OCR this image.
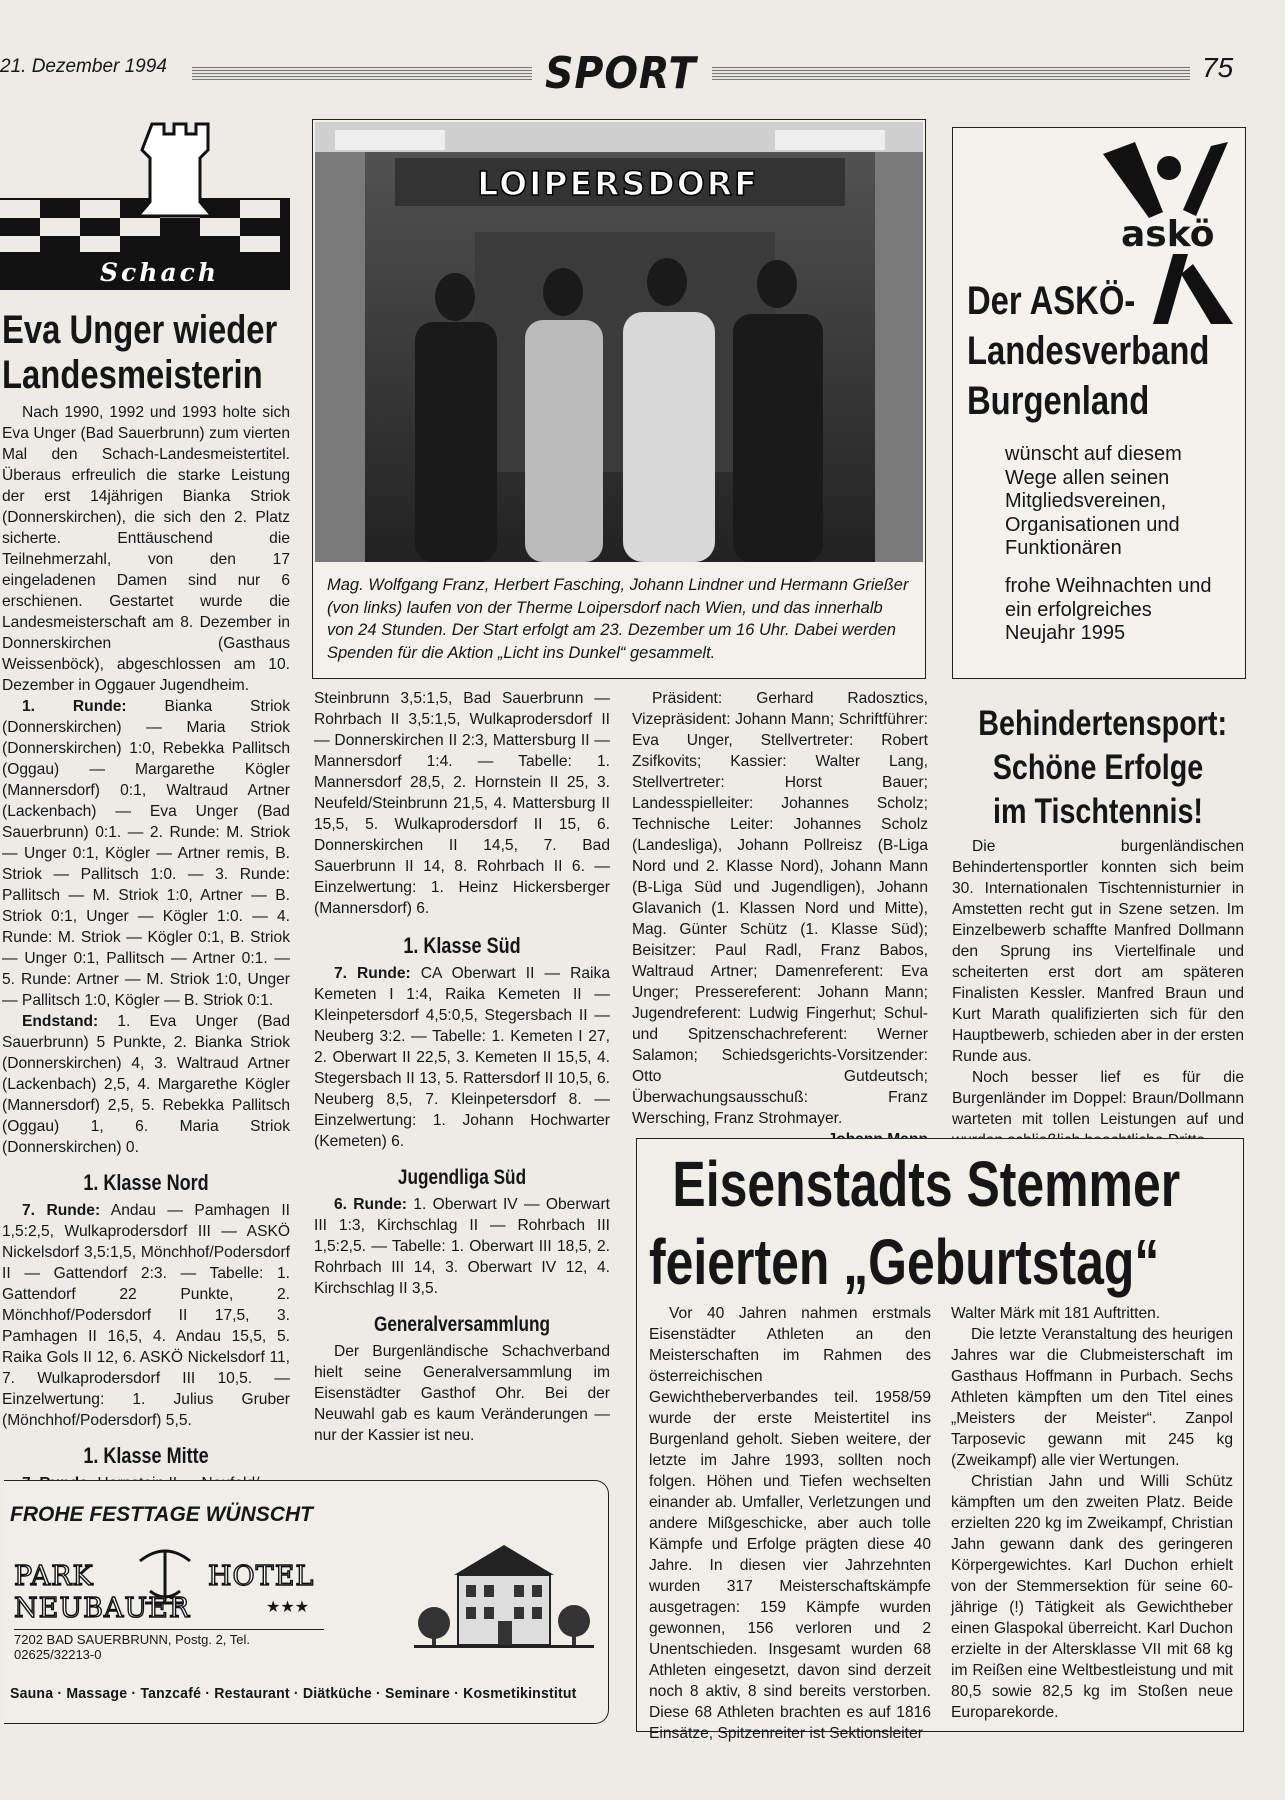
21. Dezember 1994	SPORT	75
Schach
Eva Unger wieder
Landesmeisterin

Nach 1990, 1992 und 1993 holte sich Eva Unger (Bad Sauerbrunn) zum vierten Mal den Schach-Landesmeistertitel. Überaus erfreulich die starke Leistung der erst 14jährigen Bianka Striok (Donnerskirchen), die sich den 2. Platz sicherte. Enttäuschend die Teilnehmerzahl, von den 17 eingeladenen Damen sind nur 6 erschienen. Gestartet wurde die Landesmeisterschaft am 8. Dezember in Donnerskirchen (Gasthaus Weissenböck), abgeschlossen am 10. Dezember in Oggauer Jugendheim.

1. Runde: Bianka Striok (Donnerskirchen) — Maria Striok (Donnerskirchen) 1:0, Rebekka Pallitsch (Oggau) — Margarethe Kögler (Mannersdorf) 0:1, Waltraud Artner (Lackenbach) — Eva Unger (Bad Sauerbrunn) 0:1. — 2. Runde: M. Striok — Unger 0:1, Kögler — Artner remis, B. Striok — Pallitsch 1:0. — 3. Runde: Pallitsch — M. Striok 1:0, Artner — B. Striok 0:1, Unger — Kögler 1:0. — 4. Runde: M. Striok — Kögler 0:1, B. Striok — Unger 0:1, Pallitsch — Artner 0:1. — 5. Runde: Artner — M. Striok 1:0, Unger — Pallitsch 1:0, Kögler — B. Striok 0:1.

Endstand: 1. Eva Unger (Bad Sauerbrunn) 5 Punkte, 2. Bianka Striok (Donnerskirchen) 4, 3. Waltraud Artner (Lackenbach) 2,5, 4. Margarethe Kögler (Mannersdorf) 2,5, 5. Rebekka Pallitsch (Oggau) 1, 6. Maria Striok (Donnerskirchen) 0.

1. Klasse Nord

7. Runde: Andau — Pamhagen II 1,5:2,5, Wulkaprodersdorf III — ASKÖ Nickelsdorf 3,5:1,5, Mönchhof/Podersdorf II — Gattendorf 2:3. — Tabelle: 1. Gattendorf 22 Punkte, 2. Mönchhof/Podersdorf II 17,5, 3. Pamhagen II 16,5, 4. Andau 15,5, 5. Raika Gols II 12, 6. ASKÖ Nickelsdorf 11, 7. Wulkaprodersdorf III 10,5. — Einzelwertung: 1. Julius Gruber (Mönchhof/Podersdorf) 5,5.

1. Klasse Mitte

LOIPERSDORF
Mag. Wolfgang Franz, Herbert Fasching, Johann Lindner und Hermann Grießer (von links) laufen von der Therme Loipersdorf nach Wien, und das innerhalb von 24 Stunden. Der Start erfolgt am 23. Dezember um 16 Uhr. Dabei werden Spenden für die Aktion „Licht ins Dunkel“ gesammelt.

Steinbrunn 3,5:1,5, Bad Sauerbrunn — Rohrbach II 3,5:1,5, Wulkaprodersdorf II — Donnerskirchen II 2:3, Mattersburg II — Mannersdorf 1:4. — Tabelle: 1. Mannersdorf 28,5, 2. Hornstein II 25, 3. Neufeld/Steinbrunn 21,5, 4. Mattersburg II 15,5, 5. Wulkaprodersdorf II 15, 6. Donnerskirchen II 14,5, 7. Bad Sauerbrunn II 14, 8. Rohrbach II 6. — Einzelwertung: 1. Heinz Hickersberger (Mannersdorf) 6.

1. Klasse Süd

7. Runde: CA Oberwart II — Raika Kemeten I 1:4, Raika Kemeten II — Kleinpetersdorf 4,5:0,5, Stegersbach II — Neuberg 3:2. — Tabelle: 1. Kemeten I 27, 2. Oberwart II 22,5, 3. Kemeten II 15,5, 4. Stegersbach II 13, 5. Rattersdorf II 10,5, 6. Neuberg 8,5, 7. Kleinpetersdorf 8. — Einzelwertung: 1. Johann Hochwarter (Kemeten) 6.

Jugendliga Süd

6. Runde: 1. Oberwart IV — Oberwart III 1:3, Kirchschlag II — Rohrbach III 1,5:2,5. — Tabelle: 1. Oberwart III 18,5, 2. Rohrbach III 14, 3. Oberwart IV 12, 4. Kirchschlag II 3,5.

Generalversammlung

Der Burgenländische Schachverband hielt seine Generalversammlung im Eisenstädter Gasthof Ohr. Bei der Neuwahl gab es kaum Veränderungen — nur der Kassier ist neu.

Präsident: Gerhard Radosztics, Vizepräsident: Johann Mann; Schriftführer: Eva Unger, Stellvertreter: Robert Zsifkovits; Kassier: Walter Lang, Stellvertreter: Horst Bauer; Landesspielleiter: Johannes Scholz; Technische Leiter: Johannes Scholz (Landesliga), Johann Pollreisz (B-Liga Nord und 2. Klasse Nord), Johann Mann (B-Liga Süd und Jugendligen), Johann Glavanich (1. Klassen Nord und Mitte), Mag. Günter Schütz (1. Klasse Süd); Beisitzer: Paul Radl, Franz Babos, Waltraud Artner; Damenreferent: Eva Unger; Pressereferent: Johann Mann; Jugendreferent: Ludwig Fingerhut; Schul- und Spitzenschachreferent: Werner Salamon; Schiedsgerichts-Vorsitzender: Otto Gutdeutsch; Überwachungsausschuß: Franz Wersching, Franz Strohmayer.

askö
Der ASKÖ-
Landesverband
Burgenland
wünscht auf diesem Wege allen seinen Mitgliedsvereinen, Organisationen und Funktionären
frohe Weihnachten und ein erfolgreiches Neujahr 1995
Behindertensport:
Schöne Erfolge
im Tischtennis!

Die burgenländischen Behindertensportler konnten sich beim 30. Internationalen Tischtennisturnier in Amstetten recht gut in Szene setzen. Im Einzelbewerb schaffte Manfred Dollmann den Sprung ins Viertelfinale und scheiterten erst dort am späteren Finalisten Kessler. Manfred Braun und Kurt Marath qualifizierten sich für den Hauptbewerb, schieden aber in der ersten Runde aus.

Noch besser lief es für die Burgenländer im Doppel: Braun/Dollmann warteten mit tollen Leistungen auf und

Eisenstadts Stemmer
feierten „Geburtstag“

Vor 40 Jahren nahmen erstmals Eisenstädter Athleten an den Meisterschaften im Rahmen des österreichischen Gewichtheberverbandes teil. 1958/59 wurde der erste Meistertitel ins Burgenland geholt. Sieben weitere, der letzte im Jahre 1993, sollten noch folgen. Höhen und Tiefen wechselten einander ab. Umfaller, Verletzungen und andere Mißgeschicke, aber auch tolle Kämpfe und Erfolge prägten diese 40 Jahre. In diesen vier Jahrzehnten wurden 317 Meisterschaftskämpfe ausgetragen: 159 Kämpfe wurden gewonnen, 156 verloren und 2 Unentschieden. Insgesamt wurden 68 Athleten eingesetzt, davon sind derzeit noch 8 aktiv, 8 sind bereits verstorben. Diese 68 Athleten brachten es auf 1816 Einsätze, Spitzenreiter ist Sektionsleiter

Walter Märk mit 181 Auftritten.

Die letzte Veranstaltung des heurigen Jahres war die Clubmeisterschaft im Gasthaus Hoffmann in Purbach. Sechs Athleten kämpften um den Titel eines „Meisters der Meister“. Zanpol Tarposevic gewann mit 245 kg (Zweikampf) alle vier Wertungen.

Christian Jahn und Willi Schütz kämpften um den zweiten Platz. Beide erzielten 220 kg im Zweikampf, Christian Jahn gewann dank des geringeren Körpergewichtes. Karl Duchon erhielt von der Stemmersektion für seine 60-jährige (!) Tätigkeit als Gewichtheber einen Glaspokal überreicht. Karl Duchon erzielte in der Altersklasse VII mit 68 kg im Reißen eine Weltbestleistung und mit 80,5 sowie 82,5 kg im Stoßen neue Europarekorde.

FROHE FESTTAGE WÜNSCHT
PARK	HOTEL
NEUBAUER	★★★
7202 BAD SAUERBRUNN, Postg. 2, Tel. 02625/32213-0
Sauna · Massage · Tanzcafé · Restaurant · Diätküche · Seminare · Kosmetikinstitut
